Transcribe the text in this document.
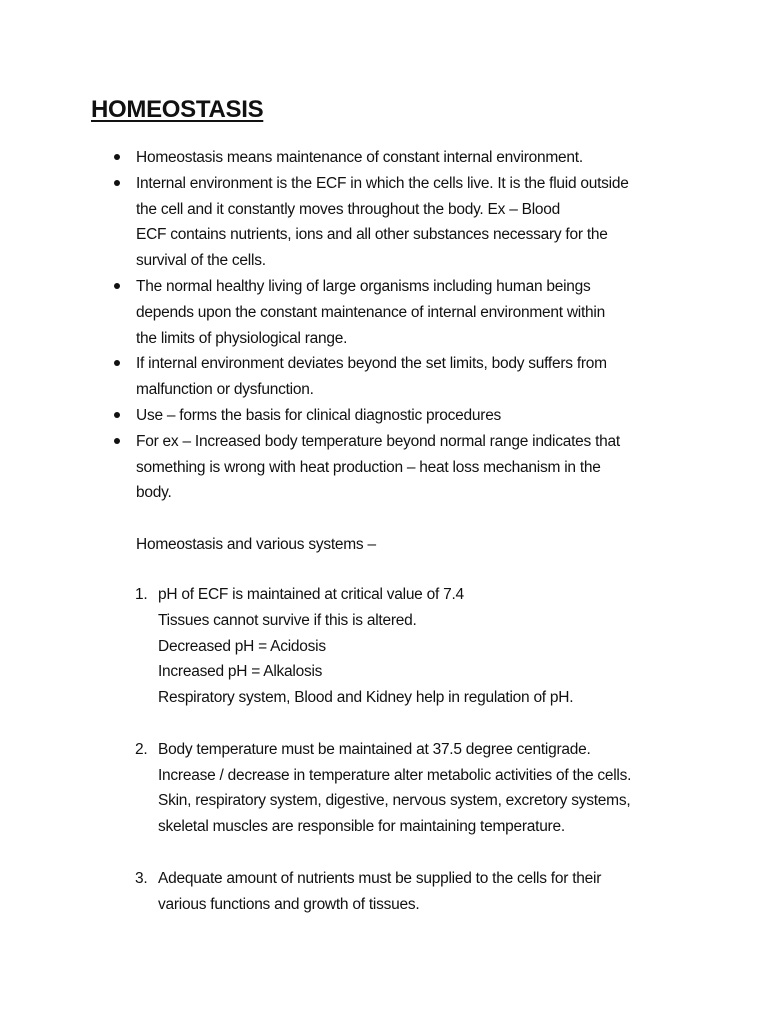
HOMEOSTASIS
Homeostasis means maintenance of constant internal environment.
Internal environment is the ECF in which the cells live. It is the fluid outside
the cell and it constantly moves throughout the body. Ex – Blood
ECF contains nutrients, ions and all other substances necessary for the
survival of the cells.
The normal healthy living of large organisms including human beings
depends upon the constant maintenance of internal environment within
the limits of physiological range.
If internal environment deviates beyond the set limits, body suffers from
malfunction or dysfunction.
Use – forms the basis for clinical diagnostic procedures
For ex – Increased body temperature beyond normal range indicates that
something is wrong with heat production – heat loss mechanism in the
body.

Homeostasis and various systems –

1. pH of ECF is maintained at critical value of 7.4
Tissues cannot survive if this is altered.
Decreased pH = Acidosis
Increased pH = Alkalosis
Respiratory system, Blood and Kidney help in regulation of pH.
2. Body temperature must be maintained at 37.5 degree centigrade.
Increase / decrease in temperature alter metabolic activities of the cells.
Skin, respiratory system, digestive, nervous system, excretory systems,
skeletal muscles are responsible for maintaining temperature.
3. Adequate amount of nutrients must be supplied to the cells for their
various functions and growth of tissues.
